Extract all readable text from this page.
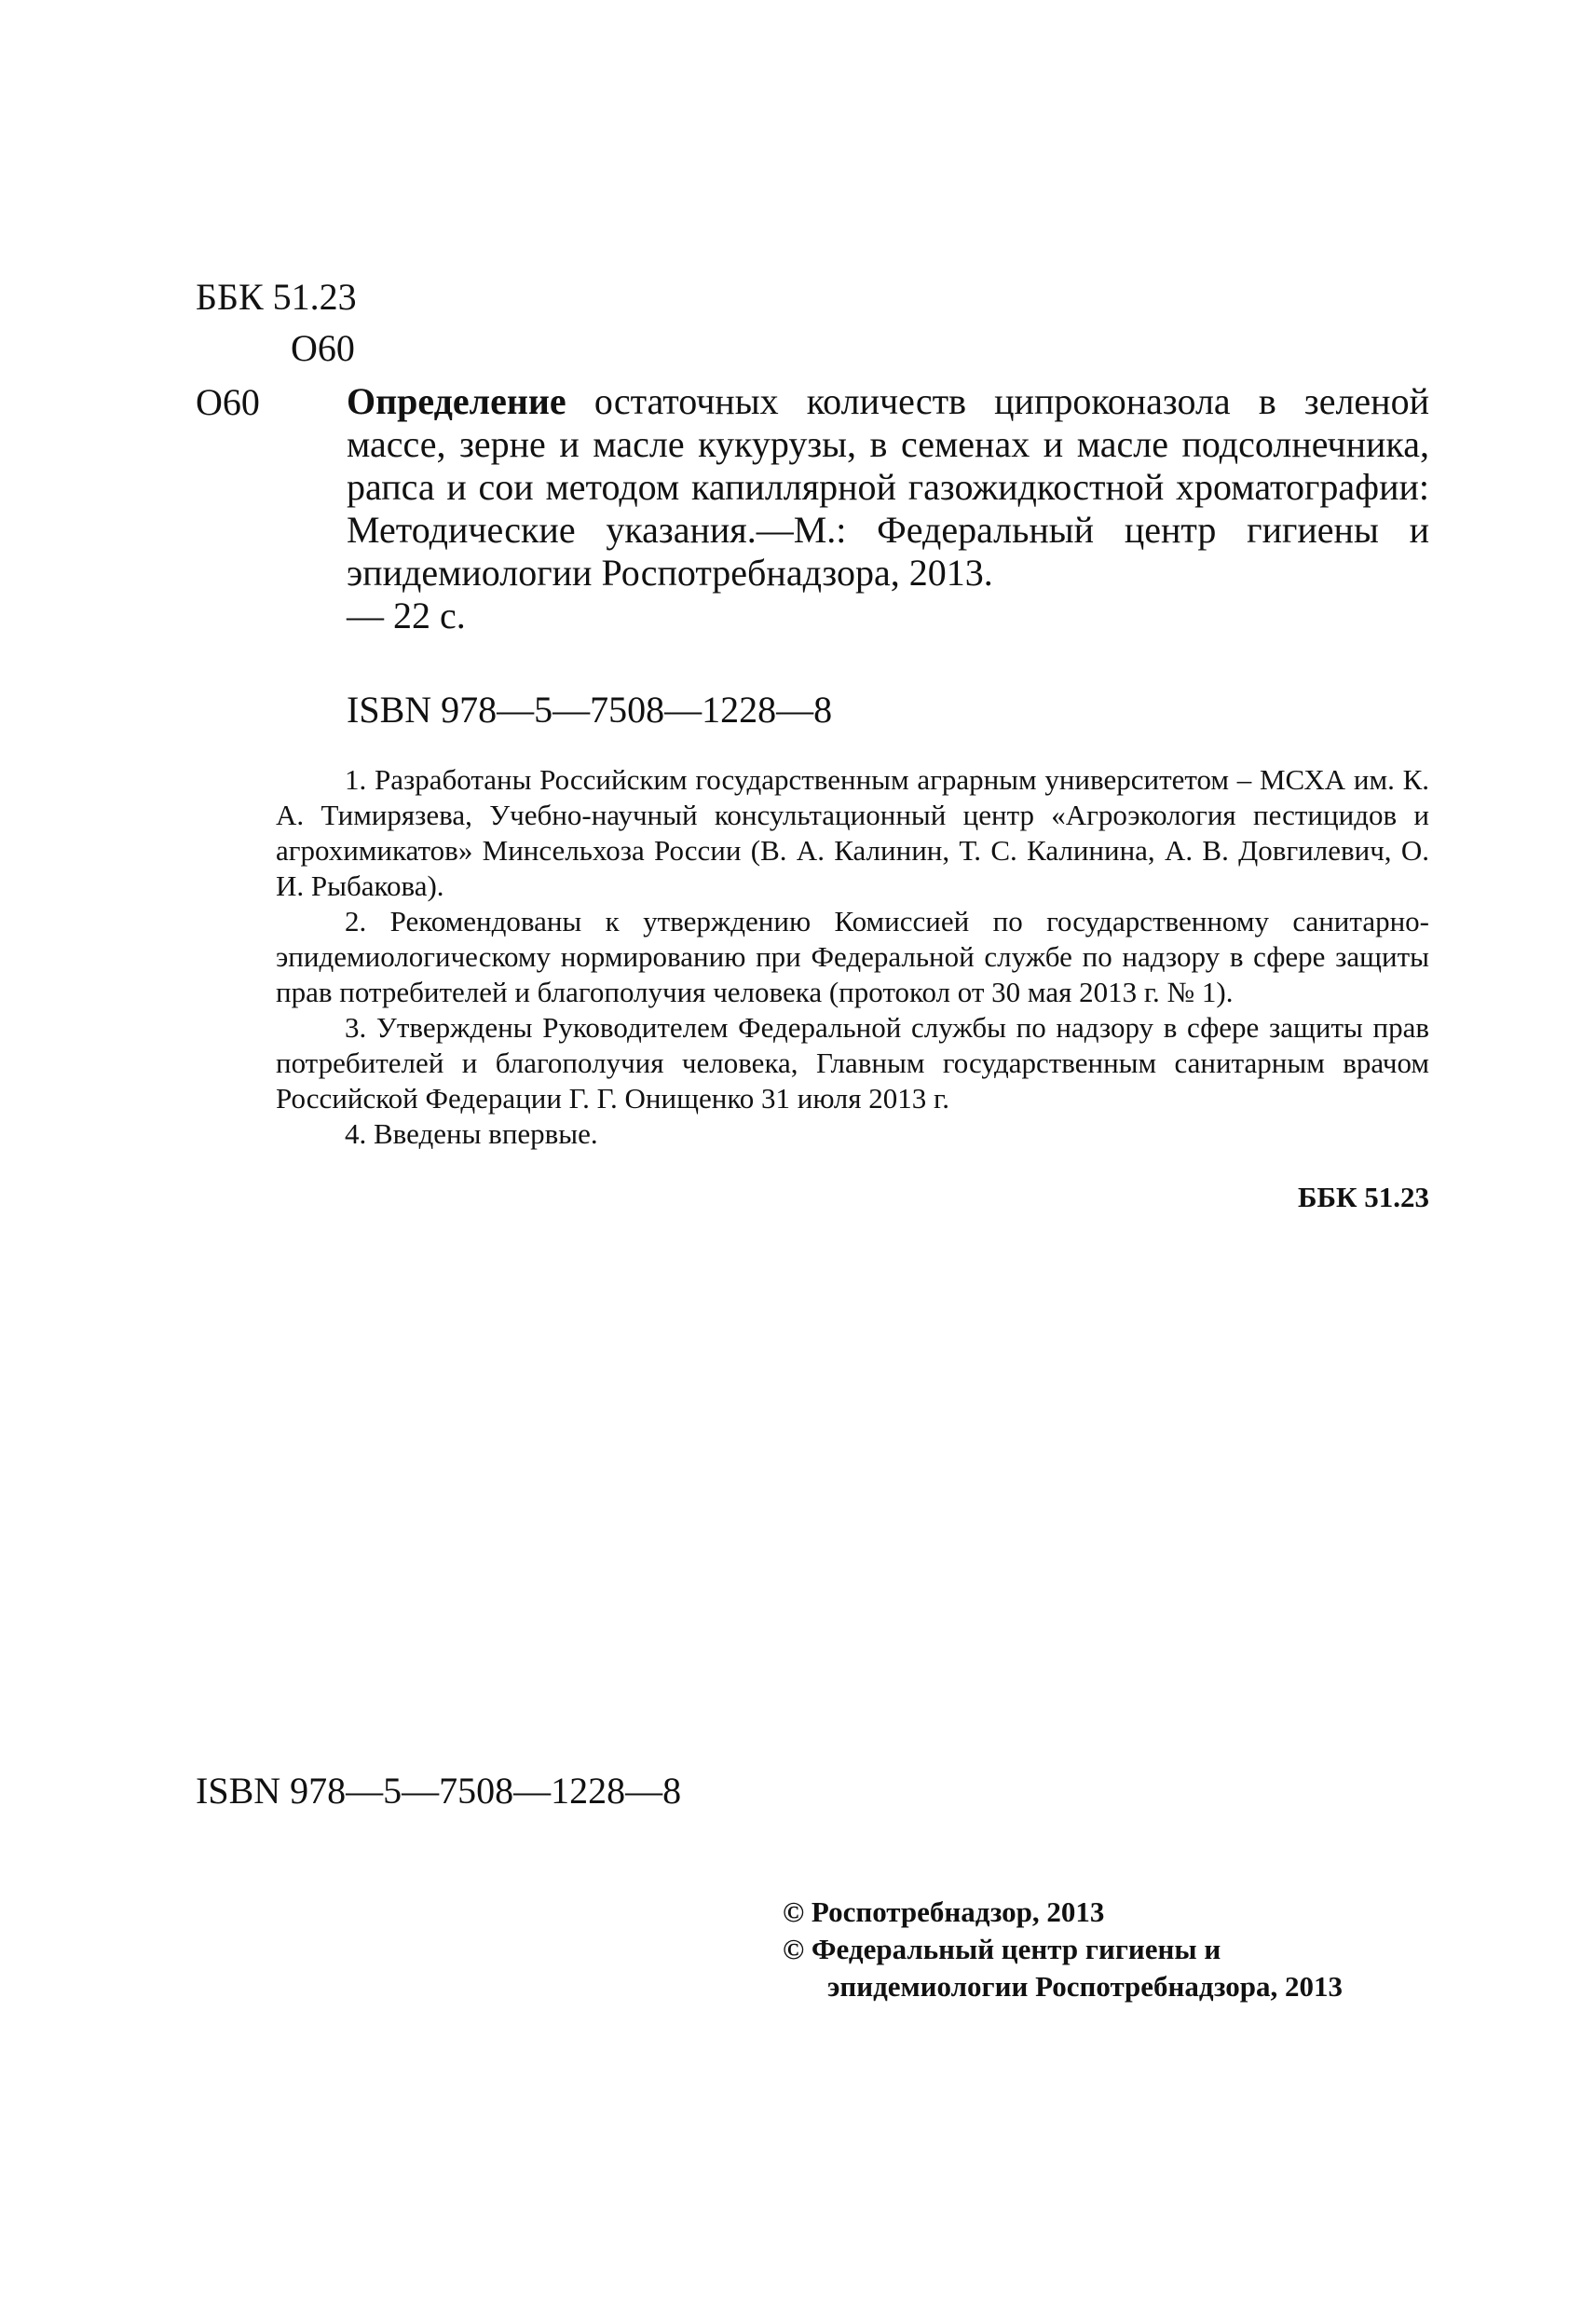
ББК 51.23
О60
О60 Определение остаточных количеств ципроконазола в зеленой массе, зерне и масле кукурузы, в семенах и масле подсолнечника, рапса и сои методом капиллярной газожидкостной хроматографии: Методические указания.—М.: Федеральный центр гигиены и эпидемиологии Роспотребнадзора, 2013.
— 22 с.
ISBN 978—5—7508—1228—8

1. Разработаны Российским государственным аграрным университетом – МСХА им. К. А. Тимирязева, Учебно-научный консультационный центр «Агроэкология пестицидов и агрохимикатов» Минсельхоза России (В. А. Калинин, Т. С. Калинина, А. В. Довгилевич, О. И. Рыбакова).

2. Рекомендованы к утверждению Комиссией по государственному санитарно-эпидемиологическому нормированию при Федеральной службе по надзору в сфере защиты прав потребителей и благополучия человека (протокол от 30 мая 2013 г. № 1).

3. Утверждены Руководителем Федеральной службы по надзору в сфере защиты прав потребителей и благополучия человека, Главным государственным санитарным врачом Российской Федерации Г. Г. Онищенко 31 июля 2013 г.

4. Введены впервые.

ББК 51.23

ISBN 978—5—7508—1228—8
© Роспотребнадзор, 2013
© Федеральный центр гигиены и
эпидемиологии Роспотребнадзора, 2013
